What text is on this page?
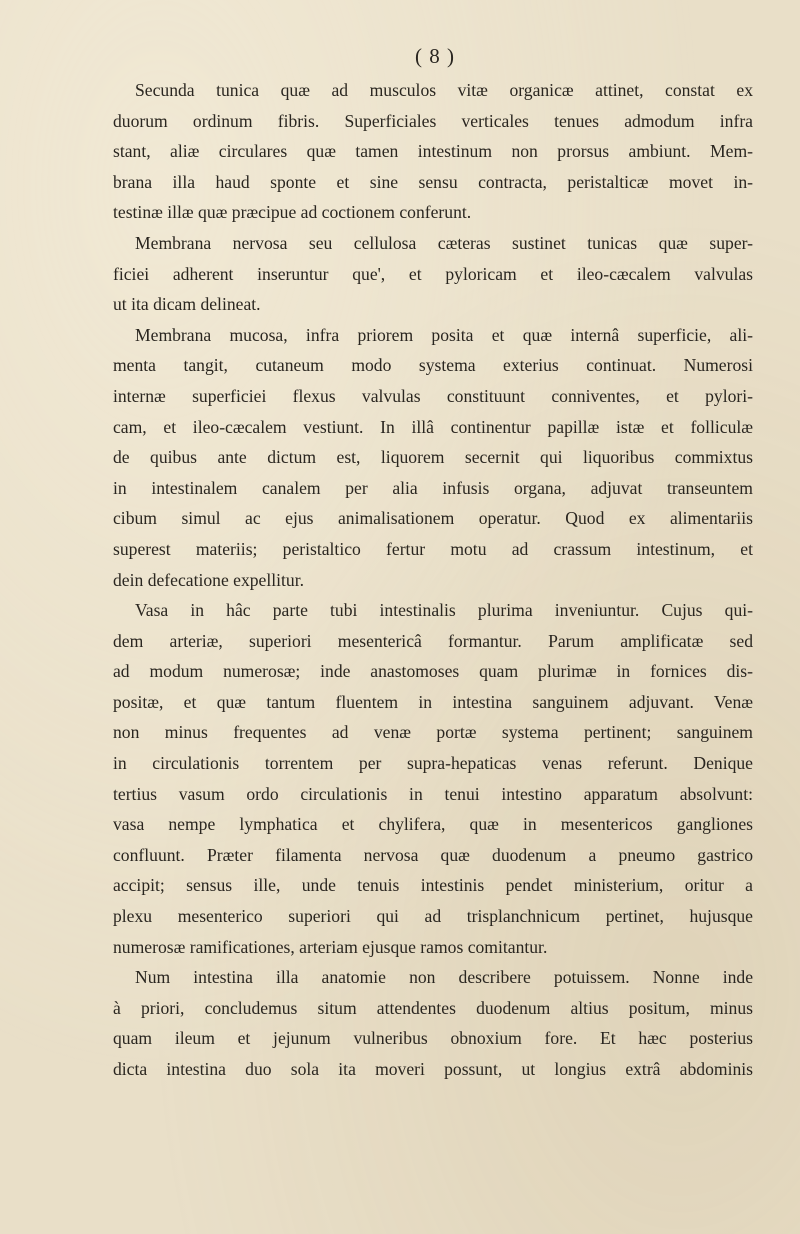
( 8 )
Secunda tunica quæ ad musculos vitæ organicæ attinet, constat ex
duorum ordinum fibris. Superficiales verticales tenues admodum infra
stant, aliæ circulares quæ tamen intestinum non prorsus ambiunt. Mem-
brana illa haud sponte et sine sensu contracta, peristalticæ movet in-
testinæ illæ quæ præcipue ad coctionem conferunt.
Membrana nervosa seu cellulosa cæteras sustinet tunicas quæ super-
ficiei adherent inseruntur que', et pyloricam et ileo-cæcalem valvulas
ut ita dicam delineat.
Membrana mucosa, infra priorem posita et quæ internâ superficie, ali-
menta tangit, cutaneum modo systema exterius continuat. Numerosi
internæ superficiei flexus valvulas constituunt conniventes, et pylori-
cam, et ileo-cæcalem vestiunt. In illâ continentur papillæ istæ et folliculæ
de quibus ante dictum est, liquorem secernit qui liquoribus commixtus
in intestinalem canalem per alia infusis organa, adjuvat transeuntem
cibum simul ac ejus animalisationem operatur. Quod ex alimentariis
superest materiis; peristaltico fertur motu ad crassum intestinum, et
dein defecatione expellitur.
Vasa in hâc parte tubi intestinalis plurima inveniuntur. Cujus qui-
dem arteriæ, superiori mesentericâ formantur. Parum amplificatæ sed
ad modum numerosæ; inde anastomoses quam plurimæ in fornices dis-
positæ, et quæ tantum fluentem in intestina sanguinem adjuvant. Venæ
non minus frequentes ad venæ portæ systema pertinent; sanguinem
in circulationis torrentem per supra-hepaticas venas referunt. Denique
tertius vasum ordo circulationis in tenui intestino apparatum absolvunt:
vasa nempe lymphatica et chylifera, quæ in mesentericos gangliones
confluunt. Præter filamenta nervosa quæ duodenum a pneumo gastrico
accipit; sensus ille, unde tenuis intestinis pendet ministerium, oritur a
plexu mesenterico superiori qui ad trisplanchnicum pertinet, hujusque
numerosæ ramificationes, arteriam ejusque ramos comitantur.
Num intestina illa anatomie non describere potuissem. Nonne inde
à priori, concludemus situm attendentes duodenum altius positum, minus
quam ileum et jejunum vulneribus obnoxium fore. Et hæc posterius
dicta intestina duo sola ita moveri possunt, ut longius extrâ abdominis
